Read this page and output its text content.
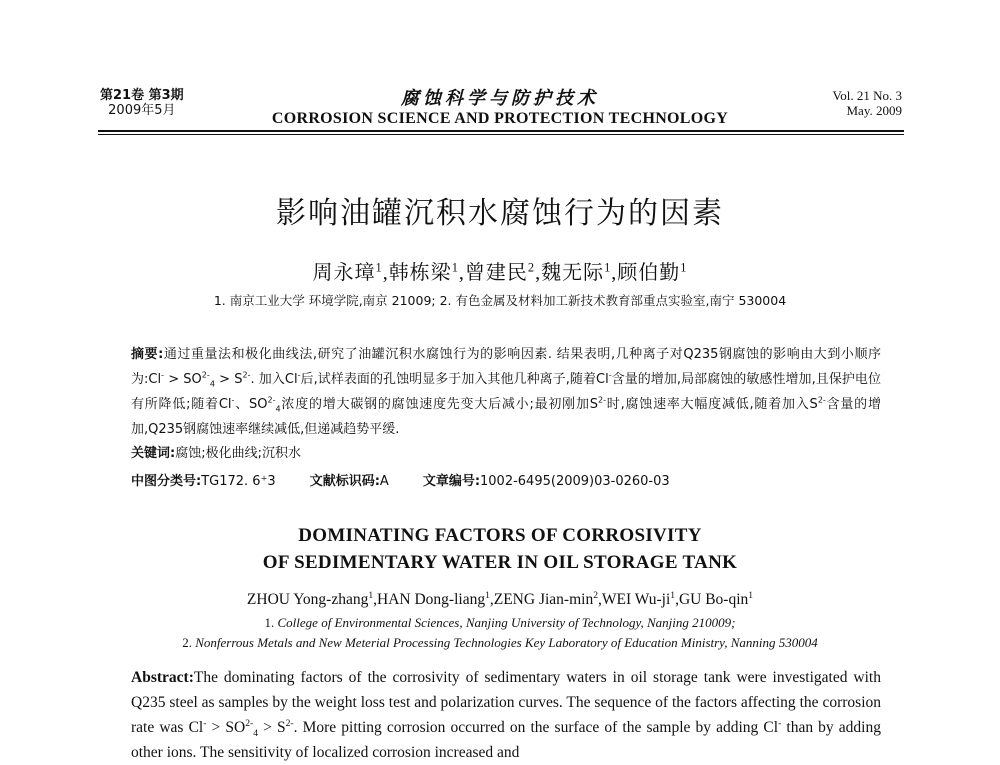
第21卷 第3期
2009年5月
腐蚀科学与防护技术
CORROSION SCIENCE AND PROTECTION TECHNOLOGY
Vol. 21 No. 3
May. 2009
影响油罐沉积水腐蚀行为的因素
周永璋$^1$,韩栋梁$^1$,曾建民$^2$,魏无际$^1$,顾伯勤$^1$
1. 南京工业大学 环境学院,南京 21009; 2. 有色金属及材料加工新技术教育部重点实验室,南宁 530004
摘要:通过重量法和极化曲线法,研究了油罐沉积水腐蚀行为的影响因素. 结果表明,几种离子对Q235钢腐蚀的影响由大到小顺序为:Cl- > $SO^{2-}_4 > S^{2-}$. 加入Cl-后,试样表面的孔蚀明显多于加入其他几种离子,随着Cl-含量的增加,局部腐蚀的敏感性增加,且保护电位有所降低;随着Cl-、$SO^{2-}_4$浓度的增大碳钢的腐蚀速度先变大后减小;最初刚加$S^{2-}$时,腐蚀速率大幅度减低,随着加入$S^{2-}$含量的增加,Q235钢腐蚀速率继续减低,但递减趋势平缓.
关键词:腐蚀;极化曲线;沉积水
中图分类号:TG172. 6⁺3	文献标识码:A	文章编号:1002-6495(2009)03-0260-03
DOMINATING FACTORS OF CORROSIVITY
OF SEDIMENTARY WATER IN OIL STORAGE TANK
ZHOU Yong-zhang$^1$,HAN Dong-liang$^1$,ZENG Jian-$\min^2,WEI$ $Wu-ji^1,GU$ Bo-qin$^1$
1. College of Environmental Sciences, Nanjing University of Technology, Nanjing 210009;
2. Nonferrous Metals and New Meterial Processing Technologies Key Laboratory of Education Ministry, Nanning 530004
Abstract:The dominating factors of the corrosivity of sedimentary waters in oil storage tank were investigated with Q235 steel as samples by the weight loss test and polarization curves. The sequence of the factors affecting the corrosion rate was $Cl^- > SO^{2-}_4 > S^{2-}$. More pitting corrosion occurred on the surface of the sample by adding Cl- than by adding other ions. The sensitivity of localized corrosion increased and
